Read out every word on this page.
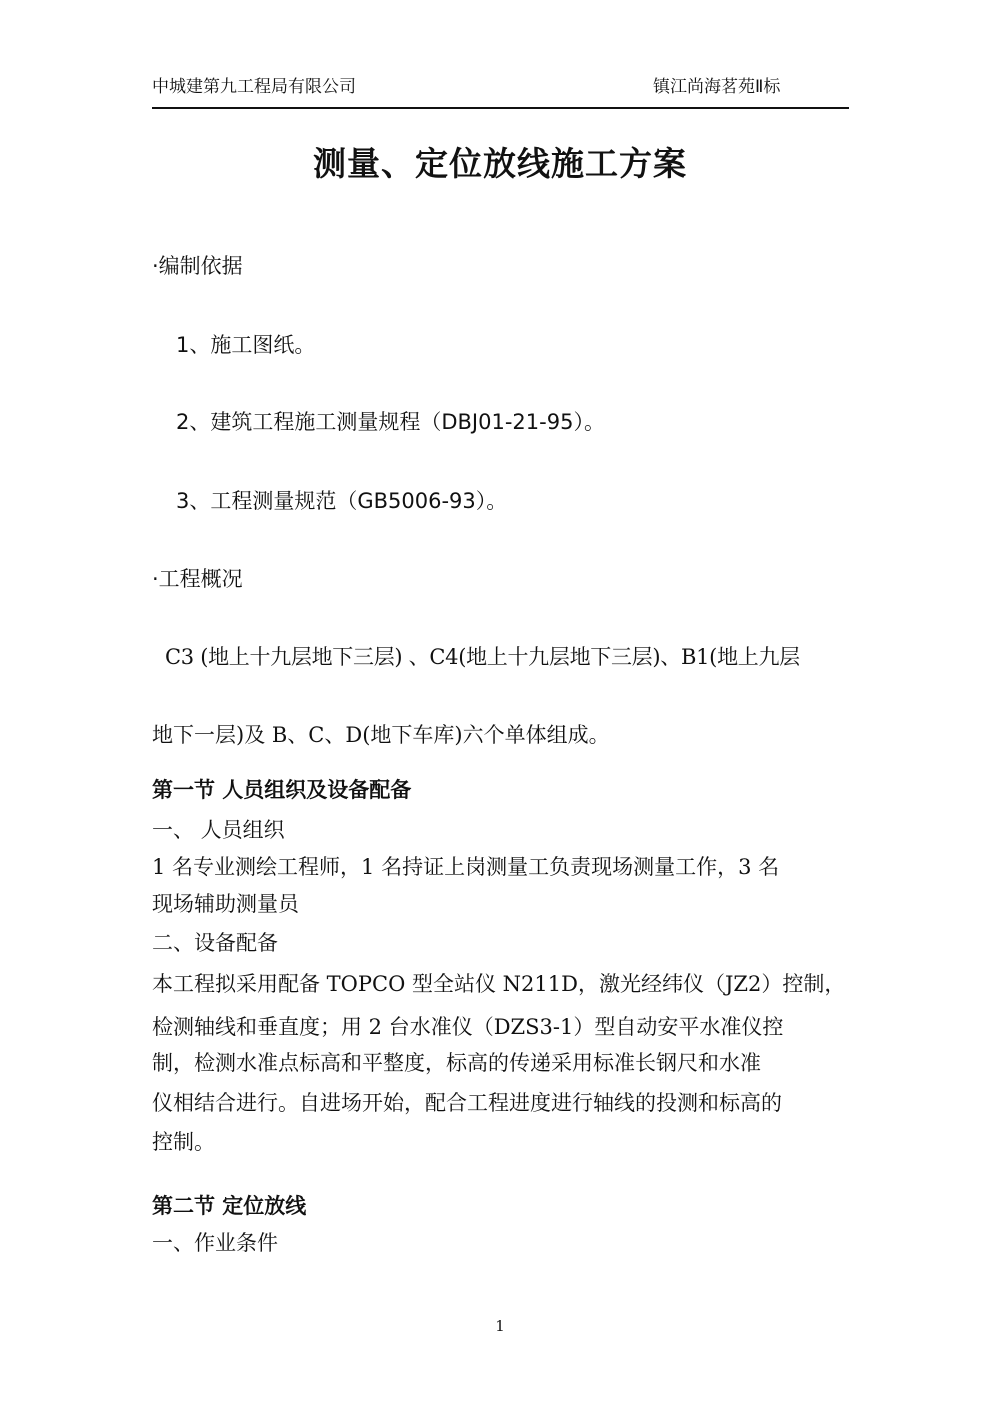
中城建第九工程局有限公司	镇江尚海茗苑Ⅱ标
测量、定位放线施工方案
·编制依据
1、施工图纸。
2、建筑工程施工测量规程（DBJ01-21-95）。
3、工程测量规范（GB5006-93）。
·工程概况
C3 (地上十九层地下三层) 、C4(地上十九层地下三层)、B1(地上九层
地下一层)及 B、C、D(地下车库)六个单体组成。
第一节 人员组织及设备配备
一、 人员组织
1 名专业测绘工程师，1 名持证上岗测量工负责现场测量工作，3 名
现场辅助测量员
二、设备配备
本工程拟采用配备 TOPCO 型全站仪 N211D，激光经纬仪（JZ2）控制，
检测轴线和垂直度；用 2 台水准仪（DZS3-1）型自动安平水准仪控
制，检测水准点标高和平整度，标高的传递采用标准长钢尺和水准
仪相结合进行。自进场开始，配合工程进度进行轴线的投测和标高的
控制。
第二节 定位放线
一、作业条件
1
